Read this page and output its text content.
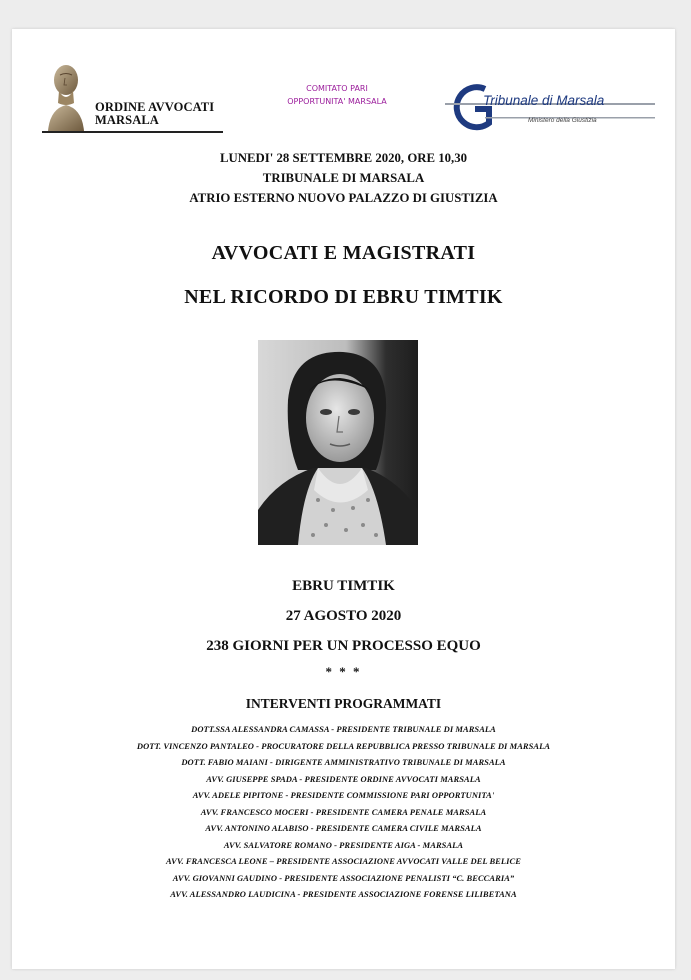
ORDINE AVVOCATI
MARSALA
COMITATO PARI
OPPORTUNITA' MARSALA	Tribunale di Marsala
Ministero della Giustizia
LUNEDI' 28 SETTEMBRE 2020, ORE 10,30
TRIBUNALE DI MARSALA
ATRIO ESTERNO NUOVO PALAZZO DI GIUSTIZIA
AVVOCATI E MAGISTRATI
NEL RICORDO DI EBRU TIMTIK
EBRU TIMTIK
27 AGOSTO 2020
238 GIORNI PER UN PROCESSO EQUO
* * *
INTERVENTI PROGRAMMATI
DOTT.SSA ALESSANDRA CAMASSA - PRESIDENTE TRIBUNALE DI MARSALA
DOTT. VINCENZO PANTALEO - PROCURATORE DELLA REPUBBLICA PRESSO TRIBUNALE DI MARSALA
DOTT. FABIO MAIANI - DIRIGENTE AMMINISTRATIVO TRIBUNALE DI MARSALA
AVV. GIUSEPPE SPADA - PRESIDENTE ORDINE AVVOCATI MARSALA
AVV. ADELE PIPITONE - PRESIDENTE COMMISSIONE PARI OPPORTUNITA'
AVV. FRANCESCO MOCERI - PRESIDENTE CAMERA PENALE MARSALA
AVV. ANTONINO ALABISO - PRESIDENTE CAMERA CIVILE MARSALA
AVV. SALVATORE ROMANO - PRESIDENTE AIGA - MARSALA
AVV. FRANCESCA LEONE – PRESIDENTE ASSOCIAZIONE AVVOCATI VALLE DEL BELICE
AVV. GIOVANNI GAUDINO - PRESIDENTE ASSOCIAZIONE PENALISTI “C. BECCARIA”
AVV. ALESSANDRO LAUDICINA - PRESIDENTE ASSOCIAZIONE FORENSE LILIBETANA
